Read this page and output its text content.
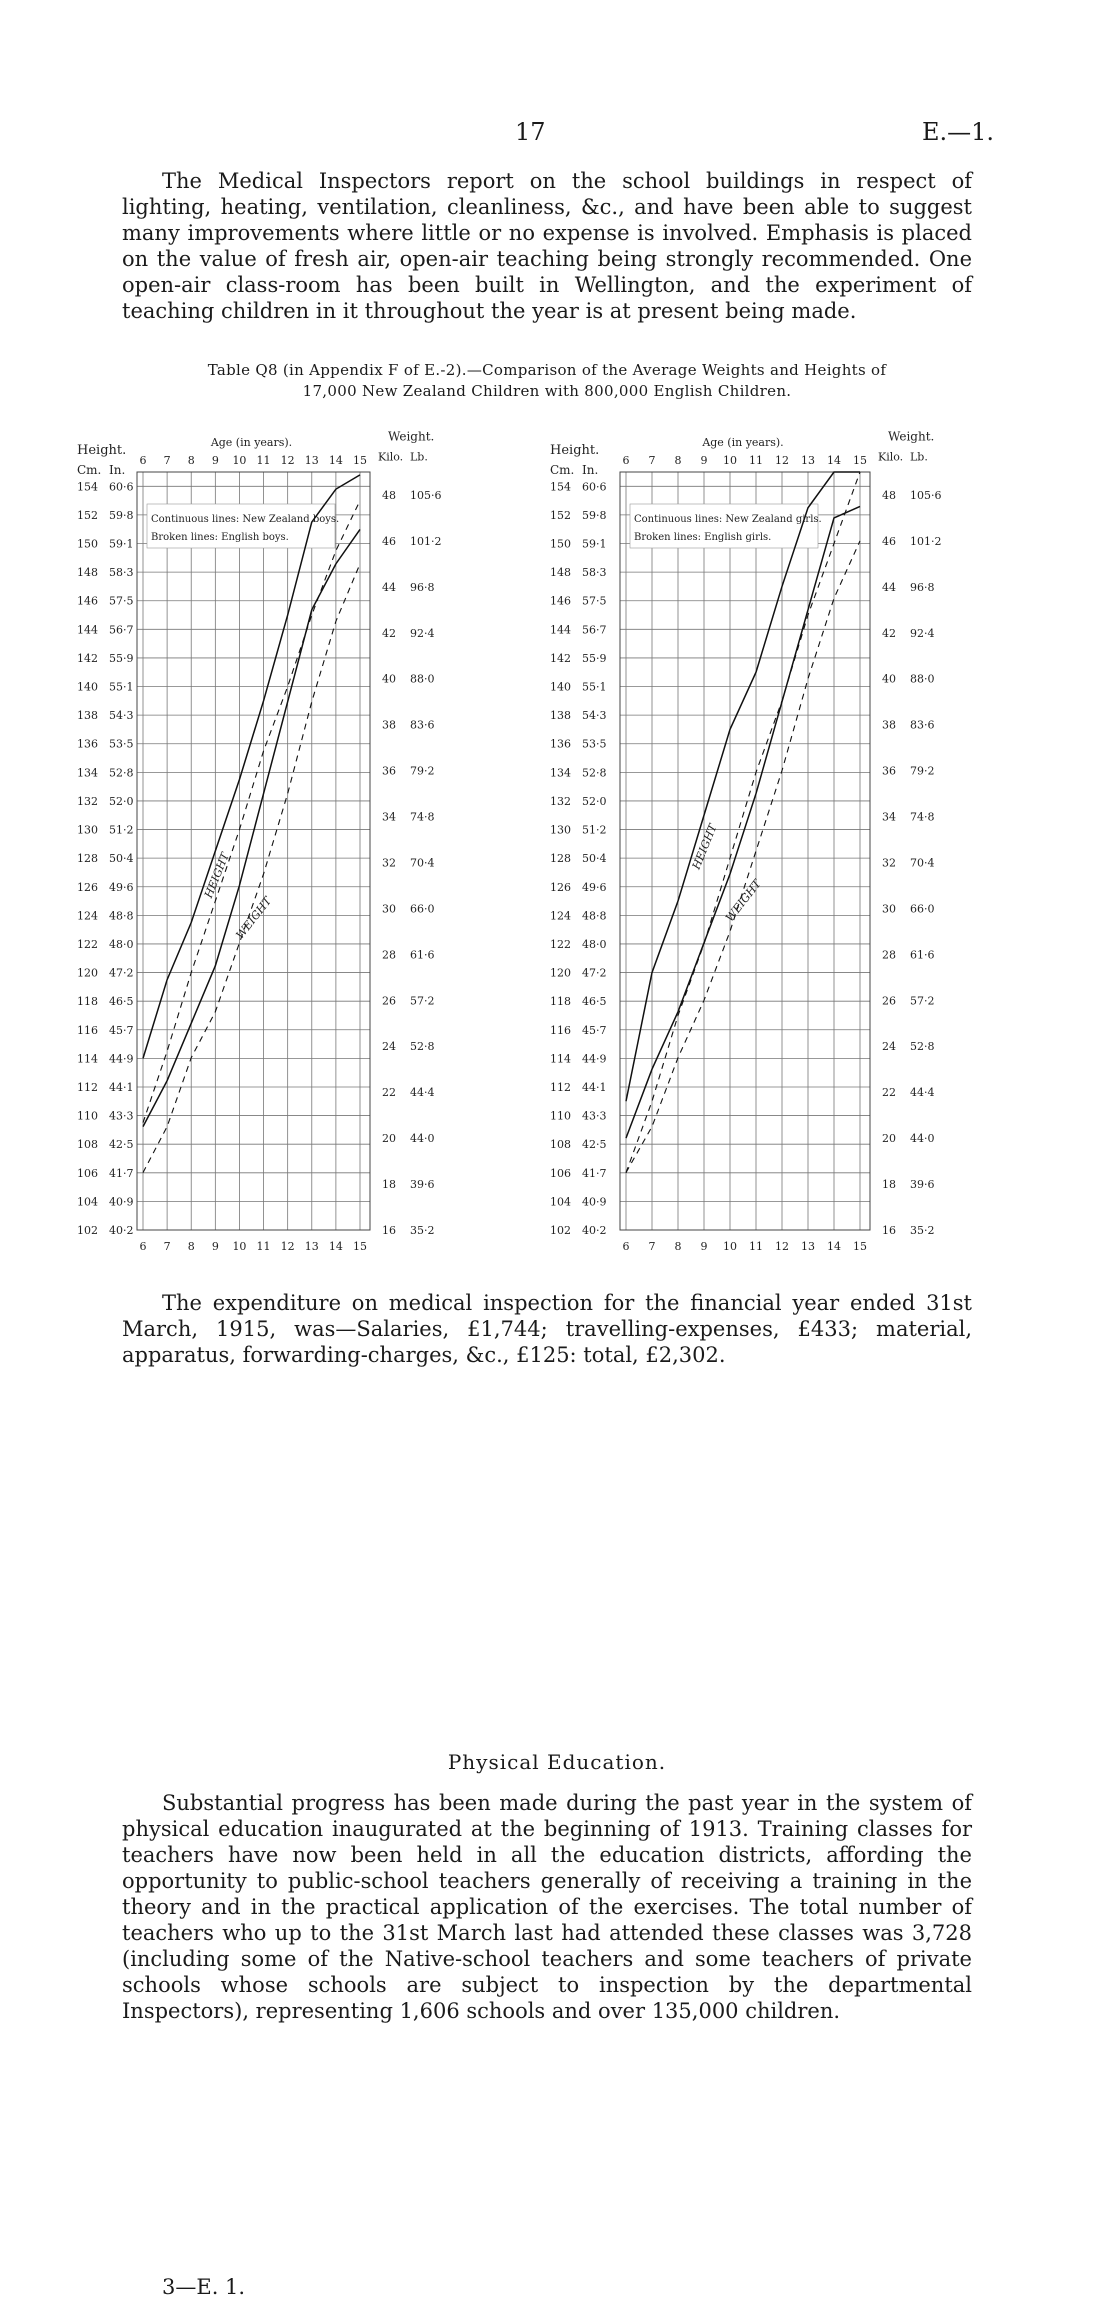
17	E.—1.
The Medical Inspectors report on the school buildings in respect of lighting, heating, ventilation, cleanliness, &c., and have been able to suggest many improvements where little or no expense is involved. Emphasis is placed on the value of fresh air, open-air teaching being strongly recommended. One open-air class-room has been built in Wellington, and the experiment of teaching children in it throughout the year is at present being made.
Table Q8 (in Appendix F of E.-2).—Comparison of the Average Weights and Heights of
17,000 New Zealand Children with 800,000 English Children.
Height.
Cm. In.
Age (in years).
154 60·6
152 59·8
150 59·1
148 58·3
146 57·5
144 56·7
142 55·9
140 55·1
138 54·3
136 53·5
134 52·8
132 52·0
130 51·2
128 50·4
126 49·6
124 48·8
122 48·0
120 47·2
118 46·5
116 45·7
114 44·9
112 44·1
110 43·3
108 42·5
106 41·7
104 40·9
102 40·2
6
6
7
7
8
8
9
9
10
10
11
11
12
12
13
13
14
14
15
15
Weight.
Kilo. Lb.
48 105·6
46 101·2
44 96·8
42 92·4
40 88·0
38 83·6
36 79·2
34 74·8
32 70·4
30 66·0
28 61·6
26 57·2
24 52·8
22 44·4
20 44·0
18 39·6
16 35·2
Continuous lines: New Zealand boys.
Broken lines: English boys.
HEIGHT
WEIGHT
Height.
Cm. In.
Age (in years).
154 60·6
152 59·8
150 59·1
148 58·3
146 57·5
144 56·7
142 55·9
140 55·1
138 54·3
136 53·5
134 52·8
132 52·0
130 51·2
128 50·4
126 49·6
124 48·8
122 48·0
120 47·2
118 46·5
116 45·7
114 44·9
112 44·1
110 43·3
108 42·5
106 41·7
104 40·9
102 40·2
6
6
7
7
8
8
9
9
10
10
11
11
12
12
13
13
14
14
15
15
Weight.
Kilo. Lb.
48 105·6
46 101·2
44 96·8
42 92·4
40 88·0
38 83·6
36 79·2
34 74·8
32 70·4
30 66·0
28 61·6
26 57·2
24 52·8
22 44·4
20 44·0
18 39·6
16 35·2
Continuous lines: New Zealand girls.
Broken lines: English girls.
HEIGHT
WEIGHT
The expenditure on medical inspection for the financial year ended 31st March, 1915, was—Salaries, £1,744; travelling-expenses, £433; material, apparatus, forwarding-charges, &c., £125: total, £2,302.
Physical Education.
Substantial progress has been made during the past year in the system of physical education inaugurated at the beginning of 1913. Training classes for teachers have now been held in all the education districts, affording the opportunity to public-school teachers generally of receiving a training in the theory and in the practical application of the exercises. The total number of teachers who up to the 31st March last had attended these classes was 3,728 (including some of the Native-school teachers and some teachers of private schools whose schools are subject to inspection by the departmental Inspectors), representing 1,606 schools and over 135,000 children.
3—E. 1.
